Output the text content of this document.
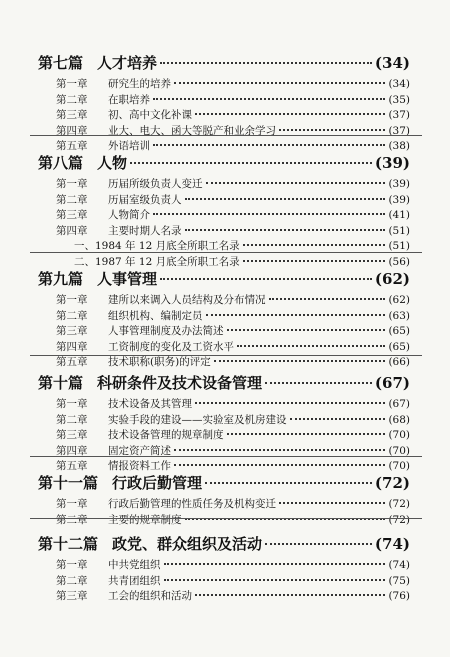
第七篇 人才培养	(34)
第一章	研究生的培养	(34)
第二章	在职培养	(35)
第三章	初、高中文化补课	(37)
第四章	业大、电大、函大等脱产和业余学习	(37)
第五章	外语培训	(38)
第八篇 人物	(39)
第一章	历届所级负责人变迁	(39)
第二章	历届室级负责人	(39)
第三章	人物简介	(41)
第四章	主要时期人名录	(51)
一、1984 年 12 月底全所职工名录	(51)
二、1987 年 12 月底全所职工名录	(56)
第九篇 人事管理	(62)
第一章	建所以来调入人员结构及分布情况	(62)
第二章	组织机构、编制定员	(63)
第三章	人事管理制度及办法简述	(65)
第四章	工资制度的变化及工资水平	(65)
第五章	技术职称(职务)的评定	(66)
第十篇 科研条件及技术设备管理	(67)
第一章	技术设备及其管理	(67)
第二章	实验手段的建设——实验室及机房建设	(68)
第三章	技术设备管理的规章制度	(70)
第四章	固定资产简述	(70)
第五章	情报资料工作	(70)
第十一篇 行政后勤管理	(72)
第一章	行政后勤管理的性质任务及机构变迁	(72)
第二章	主要的规章制度	(72)
第十二篇 政党、群众组织及活动	(74)
第一章	中共党组织	(74)
第二章	共青团组织	(75)
第三章	工会的组织和活动	(76)
